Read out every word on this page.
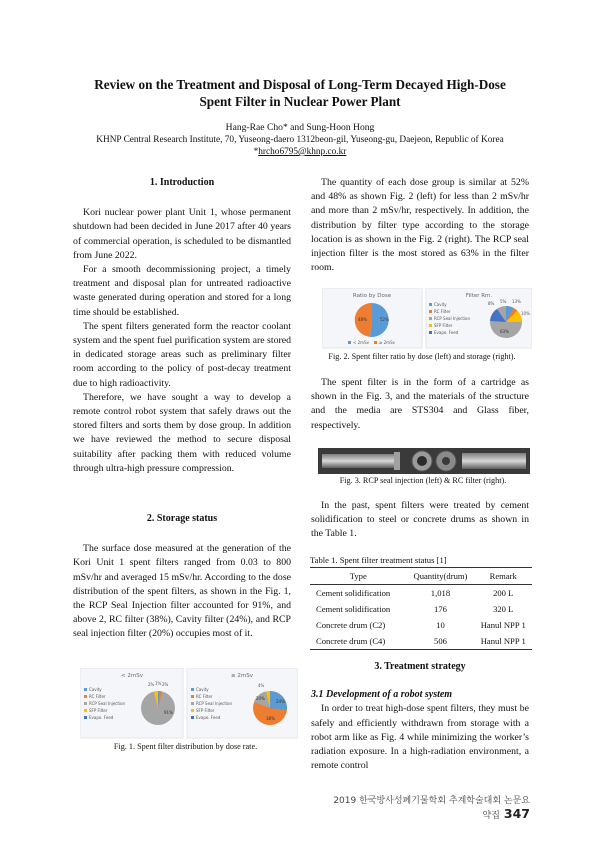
Review on the Treatment and Disposal of Long-Term Decayed High-Dose
Spent Filter in Nuclear Power Plant
Hang-Rae Cho* and Sung-Hoon Hong
KHNP Central Research Institute, 70, Yuseong-daero 1312beon-gil, Yuseong-gu, Daejeon, Republic of Korea
*hrcho6795@khnp.co.kr

1. Introduction

Kori nuclear power plant Unit 1, whose permanent shutdown had been decided in June 2017 after 40 years of commercial operation, is scheduled to be dismantled from June 2022.

For a smooth decommissioning project, a timely treatment and disposal plan for untreated radioactive waste generated during operation and stored for a long time should be established.

The spent filters generated form the reactor coolant system and the spent fuel purification system are stored in dedicated storage areas such as preliminary filter room according to the policy of post-decay treatment due to high radioactivity.

Therefore, we have sought a way to develop a remote control robot system that safely draws out the stored filters and sorts them by dose group. In addition we have reviewed the method to secure disposal suitability after packing them with reduced volume through ultra-high pressure compression.

2. Storage status

The surface dose measured at the generation of the Kori Unit 1 spent filters ranged from 0.03 to 800 mSv/hr and averaged 15 mSv/hr. According to the dose distribution of the spent filters, as shown in the Fig. 1, the RCP Seal Injection filter accounted for 91%, and above 2, RC filter (38%), Cavity filter (24%), and RCP seal injection filter (20%) occupies most of it.

< 2mSv	≥ 2mSv
2% 1% 2%
91%
Cavity
RC Filter
RCP Seal Injection
SFP Filter
Evapo. Feed
4%
24%
38%
20%
Cavity
RC Filter
RCP Seal Injection
SFP Filter
Evapo. Feed
Fig. 1. Spent filter distribution by dose rate.

The quantity of each dose group is similar at 52% and 48% as shown Fig. 2 (left) for less than 2 mSv/hr and more than 2 mSv/hr, respectively. In addition, the distribution by filter type according to the storage location is as shown in the Fig. 2 (right). The RCP seal injection filter is the most stored as 63% in the filter room.

Ratio by Dose	Filter Rm.
52%
48%
< 2mSv	≥ 2mSv
8% 5% 13%
10%
63%
Cavity
RC Filter
RCP Seal Injection
SFP Filter
Evapo. Feed
Fig. 2. Spent filter ratio by dose (left) and storage (right).

The spent filter is in the form of a cartridge as shown in the Fig. 3, and the materials of the structure and the media are STS304 and Glass fiber, respectively.

Fig. 3. RCP seal injection (left) & RC filter (right).

In the past, spent filters were treated by cement solidification to steel or concrete drums as shown in the Table 1.

Table 1. Spent filter treatment status [1]
Type	Quantity(drum)	Remark
Cement solidification	1,018	200 L
Cement solidification	176	320 L
Concrete drum (C2)	10	Hanul NPP 1
Concrete drum (C4)	506	Hanul NPP 1

3. Treatment strategy

3.1 Development of a robot system

In order to treat high-dose spent filters, they must be safely and efficiently withdrawn from storage with a robot arm like as Fig. 4 while minimizing the worker’s radiation exposure. In a high-radiation environment, a remote control

2019 한국방사성폐기물학회 추계학술대회 논문요약집 347
